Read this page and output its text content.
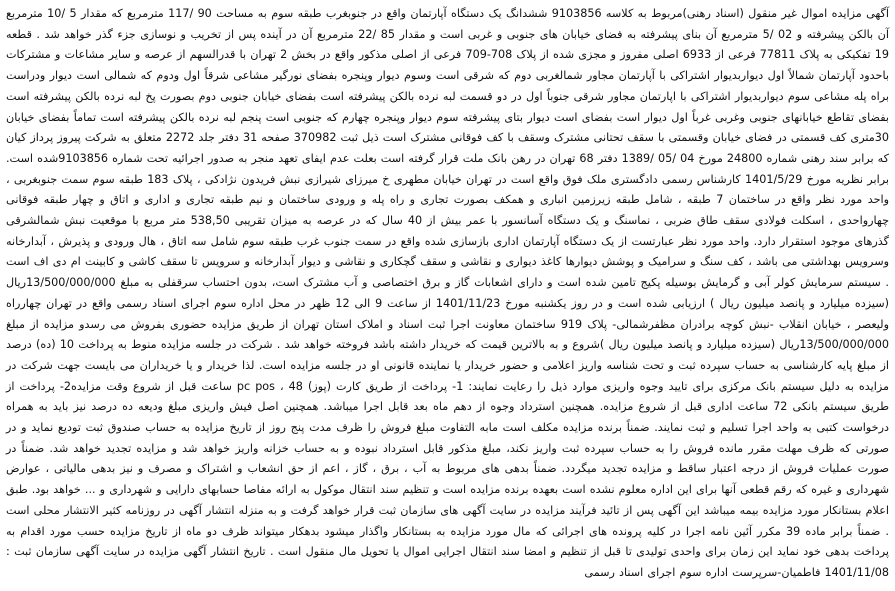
آگهی مزایده اموال غیر منقول (اسناد رهنی)مربوط به کلاسه 9103856 ششدانگ یک دستگاه آپارتمان واقع در جنوبغرب طبقه سوم به مساحت 90 /117 مترمربع که مقدار 5 /10 مترمربع آن بالکن پیشرفته و 02 /5 مترمربع آن بنای پیشرفته به فضای خیابان های جنوبی و غربی است و مقدار 85 /22 مترمربع آن در آینده پس از تخریب و نوسازی جزء گذر خواهد شد . قطعه 19 تفکیکی به پلاک 77811 فرعی از 6933 اصلی مفروز و مجزی شده از پلاک 708-709 فرعی از اصلی مذکور واقع در بخش 2 تهران با قدرالسهم از عرصه و سایر مشاعات و مشترکات باحدود آپارتمان شمالاً اول دیواربدیوار اشتراکی با آپارتمان مجاور شمالغربی دوم که شرقی است وسوم دیوار وپنجره بفضای نورگیر مشاعی شرقاً اول ودوم که شمالی است دیوار ودراست براه پله مشاعی سوم دیواربدیوار اشتراکی با اپارتمان مجاور شرقی جنوباً اول در دو قسمت لبه نرده بالکن پیشرفته است بفضای خیابان جنوبی دوم بصورت پخ لبه نرده بالکن پیشرفته است بفضای تقاطع خیابانهای جنوبی وغربی غرباً اول دیوار است بفضای است دیوار بتای پیشرفته سوم دیوار وپنجره چهارم که جنوبی است پنجم لبه نرده بالکن پیشرفته است تماماً بفضای خیابان 30متری کف قسمتی در فضای خیابان وقسمتی با سقف تحتانی مشترک وسقف با کف فوقانی مشترک است ذیل ثبت 370982 صفحه 31 دفتر جلد 2272 متعلق به شرکت پیروز پرداز کیان که برابر سند رهنی شماره 24800 مورخ 04 /05 /1389 دفتر 68 تهران در رهن بانک ملت قرار گرفته است بعلت عدم ایفای تعهد منجر به صدور اجرائیه تحت شماره 9103856شده است. برابر نظریه مورخ 1401/5/29 کارشناس رسمی دادگستری ملک فوق واقع است در تهران خیابان مطهری خ میرزای شیرازی نبش فریدون نژادکی ، پلاک 183 طبقه سوم سمت جنوبغربی ، واحد مورد نظر واقع در ساختمان 7 طبقه ، شامل طبقه زیرزمین انباری و همکف بصورت تجاری و راه پله و ورودی ساختمان و نیم طبقه تجاری و اداری و اتاق و چهار طبقه فوقانی چهارواحدی ، اسکلت فولادی سقف طاق ضربی ، نماسنگ و یک دستگاه آسانسور با عمر بیش از 40 سال که در عرصه به میزان تقریبی 538,50 متر مربع با موقعیت نبش شمالشرقی گذرهای موجود استقرار دارد. واحد مورد نظر عبارتست از یک دستگاه آپارتمان اداری بازسازی شده واقع در سمت جنوب غرب طبقه سوم شامل سه اتاق ، هال ورودی و پذیرش ، آبدارخانه وسرویس بهداشتی می باشد ، کف سنگ و سرامیک و پوشش دیوارها کاغذ دیواری و نقاشی و سقف گچکاری و نقاشی و دیوار آبدارخانه و سرویس تا سقف کاشی و کابینت ام دی اف است . سیستم سرمایش کولر آبی و گرمایش بوسیله پکیج تامین شده است و دارای اشعابات گاز و برق اختصاصی و آب مشترک است، بدون احتساب سرقفلی به مبلغ 13/500/000/000ریال (سیزده میلیارد و پانصد میلیون ریال ) ارزیابی شده است و در روز یکشنبه مورخ 1401/11/23 از ساعت 9 الی 12 ظهر در محل اداره سوم اجرای اسناد رسمی واقع در تهران چهارراه ولیعصر ، خیابان انقلاب -نبش کوچه برادران مظفرشمالی- پلاک 919 ساختمان معاونت اجرا ثبت اسناد و املاک استان تهران از طریق مزایده حضوری بفروش می رسدو مزایده از مبلغ 13/500/000/000ریال (سیزده میلیارد و پانصد میلیون ریال )شروع و به بالاترین قیمت که خریدار داشته باشد فروخته خواهد شد . شرکت در جلسه مزایده منوط به پرداخت 10 (ده) درصد از مبلغ پایه کارشناسی به حساب سپرده ثبت و تحت شناسه واریز اعلامی و حضور خریدار یا نماینده قانونی او در جلسه مزایده است. لذا خریدار و یا خریداران می بایست جهت شرکت در مزایده به دلیل سیستم بانک مرکزی برای تایید وجوه واریزی موارد ذیل را رعایت نمایند: 1- پرداخت از طریق کارت (پوز) pc pos ، 48 ساعت قبل از شروع وقت مزایده2- پرداخت از طریق سیستم بانکی 72 ساعت اداری قبل از شروع مزایده. همچنین استرداد وجوه از دهم ماه بعد قابل اجرا میباشد. همچنین اصل فیش واریزی مبلغ ودیعه ده درصد نیز باید به همراه درخواست کتبی به واحد اجرا تسلیم و ثبت نمایند. ضمناً برنده مزایده مکلف است مابه التفاوت مبلغ فروش را ظرف مدت پنج روز از تاریخ مزایده به حساب صندوق ثبت تودیع نماید و در صورتی که ظرف مهلت مقرر مانده فروش را به حساب سپرده ثبت واریز نکند، مبلغ مذکور قابل استرداد نبوده و به حساب خزانه واریز خواهد شد و مزایده تجدید خواهد شد. ضمناً در صورت عملیات فروش از درجه اعتبار ساقط و مزایده تجدید میگردد. ضمناً بدهی های مربوط به آب ، برق ، گاز ، اعم از حق انشعاب و اشتراک و مصرف و نیز بدهی مالیاتی ، عوارض شهرداری و غیره که رقم قطعی آنها برای این اداره معلوم نشده است بعهده برنده مزایده است و تنظیم سند انتقال موکول به ارائه مفاصا حسابهای دارایی و شهرداری و ... خواهد بود. طبق اعلام بستانکار مورد مزایده بیمه میباشد این آگهی پس از تائید فرآیند مزایده در سایت آگهی های سازمان ثبت قرار خواهد گرفت و به منزله انتشار آگهی در روزنامه کثیر الانتشار محلی است . ضمناً برابر ماده 39 مکرر آئین نامه اجرا در کلیه پرونده های اجرائی که مال مورد مزایده به بستانکار واگذار میشود بدهکار میتواند ظرف دو ماه از تاریخ مزایده حسب مورد اقدام به پرداخت بدهی خود نماید این زمان برای واحدی تولیدی تا قبل از تنظیم و امضا سند انتقال اجرایی اموال یا تحویل مال منقول است . تاریخ انتشار آگهی مزایده در سایت آگهی سازمان ثبت : 1401/11/08 فاطمیان-سرپرست اداره سوم اجرای اسناد رسمی
